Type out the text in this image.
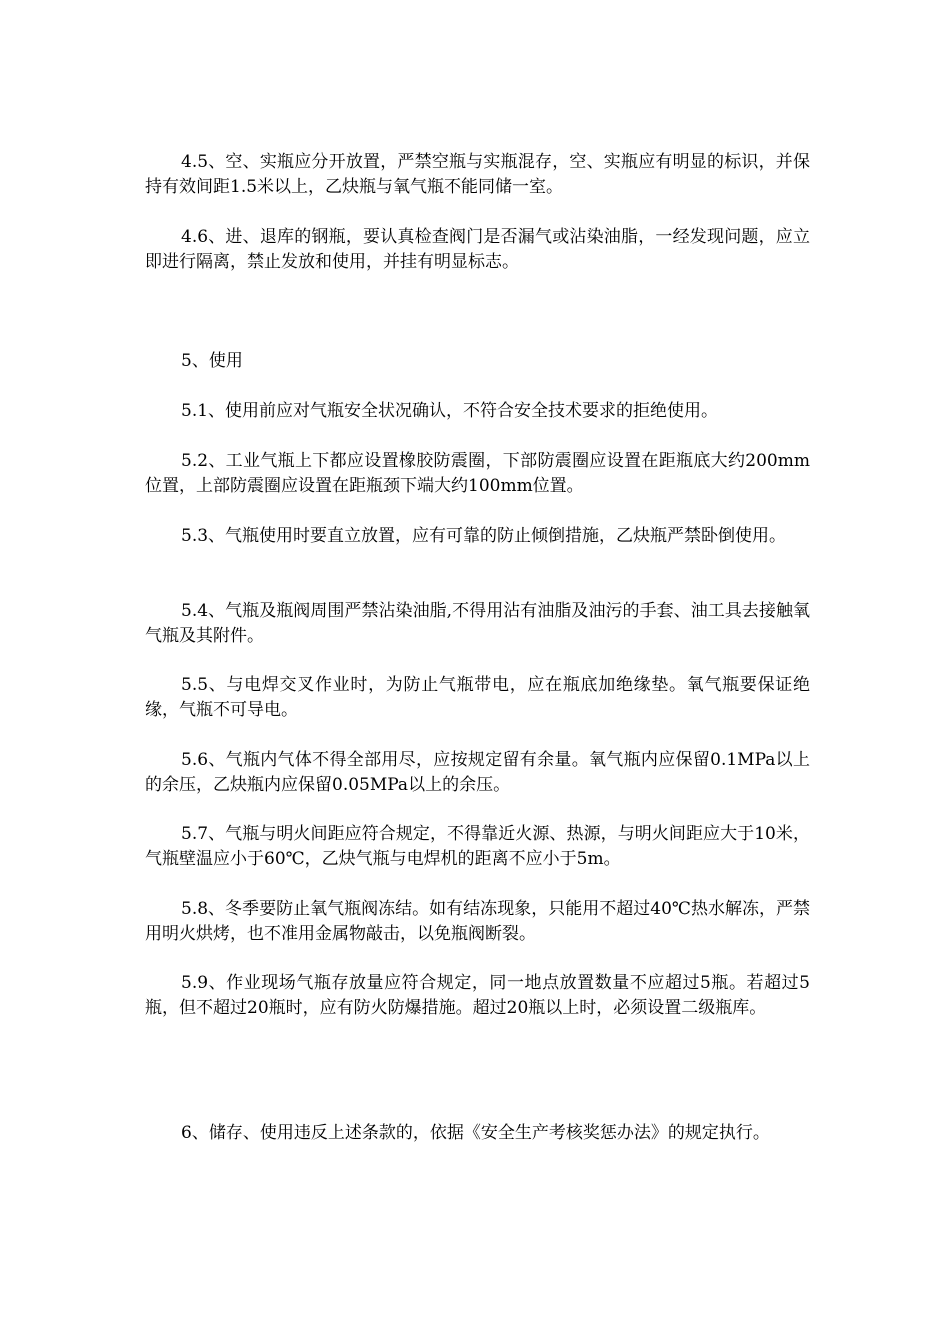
4.5、空、实瓶应分开放置，严禁空瓶与实瓶混存，空、实瓶应有明显的标识，并保持有效间距1.5米以上，乙炔瓶与氧气瓶不能同储一室。

4.6、进、退库的钢瓶，要认真检查阀门是否漏气或沾染油脂，一经发现问题，应立即进行隔离，禁止发放和使用，并挂有明显标志。

5、使用

5.1、使用前应对气瓶安全状况确认，不符合安全技术要求的拒绝使用。

5.2、工业气瓶上下都应设置橡胶防震圈，下部防震圈应设置在距瓶底大约200mm位置，上部防震圈应设置在距瓶颈下端大约100mm位置。

5.3、气瓶使用时要直立放置，应有可靠的防止倾倒措施，乙炔瓶严禁卧倒使用。

5.4、气瓶及瓶阀周围严禁沾染油脂,不得用沾有油脂及油污的手套、油工具去接触氧气瓶及其附件。

5.5、与电焊交叉作业时，为防止气瓶带电，应在瓶底加绝缘垫。氧气瓶要保证绝缘，气瓶不可导电。

5.6、气瓶内气体不得全部用尽，应按规定留有余量。氧气瓶内应保留0.1MPa以上的余压，乙炔瓶内应保留0.05MPa以上的余压。

5.7、气瓶与明火间距应符合规定，不得靠近火源、热源，与明火间距应大于10米，气瓶壁温应小于60℃，乙炔气瓶与电焊机的距离不应小于5m。

5.8、冬季要防止氧气瓶阀冻结。如有结冻现象，只能用不超过40℃热水解冻，严禁用明火烘烤，也不准用金属物敲击，以免瓶阀断裂。

5.9、作业现场气瓶存放量应符合规定，同一地点放置数量不应超过5瓶。若超过5瓶，但不超过20瓶时，应有防火防爆措施。超过20瓶以上时，必须设置二级瓶库。

6、储存、使用违反上述条款的，依据《安全生产考核奖惩办法》的规定执行。
